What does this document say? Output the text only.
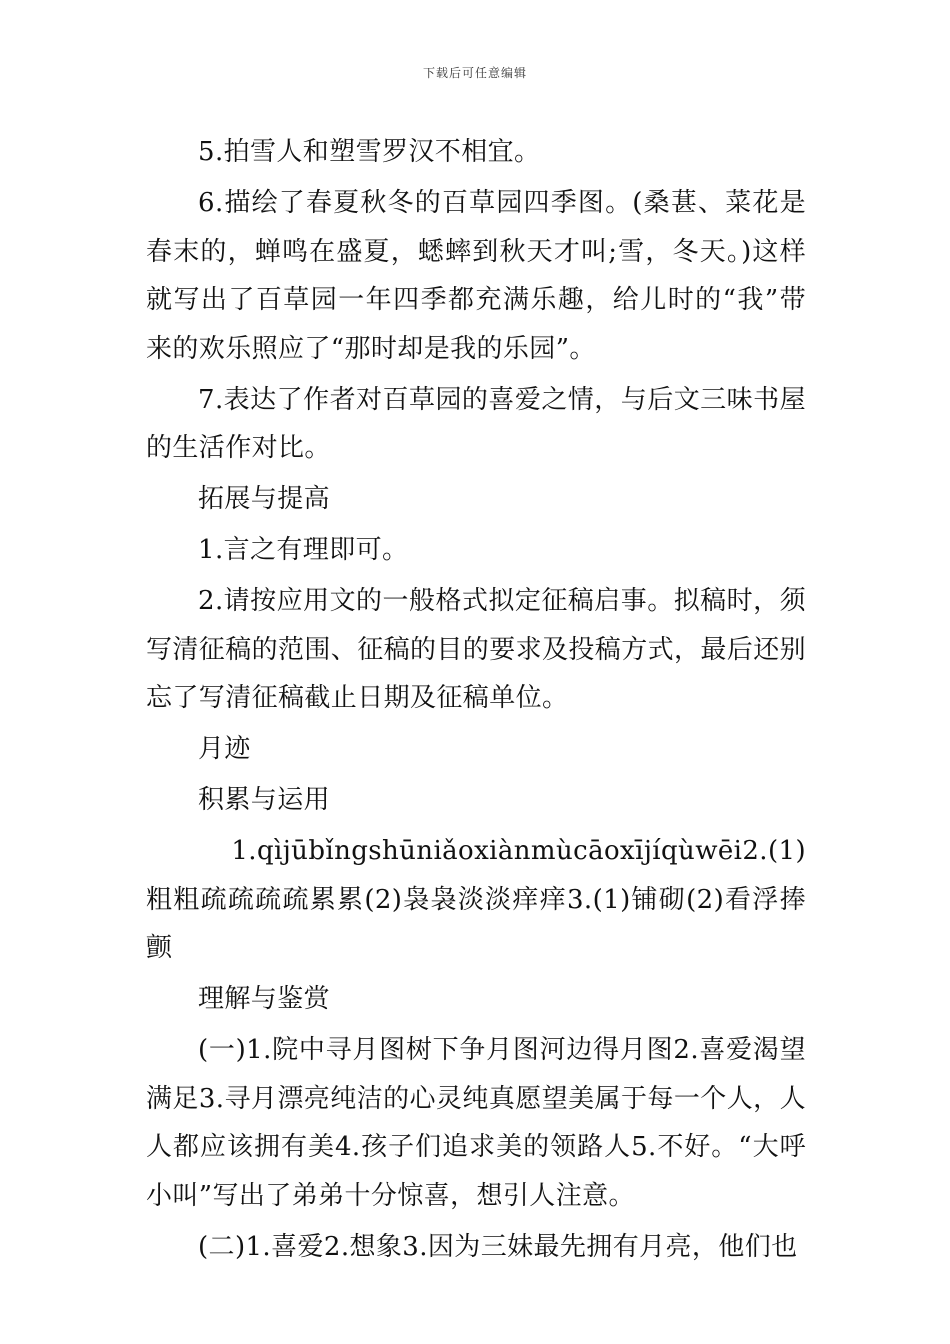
下载后可任意编辑

5.拍雪人和塑雪罗汉不相宜。

6.描绘了春夏秋冬的百草园四季图。(桑葚、菜花是春末的，蝉鸣在盛夏，蟋蟀到秋天才叫;雪，冬天。)这样就写出了百草园一年四季都充满乐趣，给儿时的“我”带来的欢乐照应了“那时却是我的乐园”。

7.表达了作者对百草园的喜爱之情，与后文三味书屋的生活作对比。

拓展与提高

1.言之有理即可。

2.请按应用文的一般格式拟定征稿启事。拟稿时，须写清征稿的范围、征稿的目的要求及投稿方式，最后还别忘了写清征稿截止日期及征稿单位。

月迹

积累与运用

1.qìjūbǐngshūniǎoxiànmùcāoxījíqùwēi2.(1)粗粗疏疏疏疏累累(2)袅袅淡淡痒痒3.(1)铺砌(2)看浮捧颤

理解与鉴赏

(一)1.院中寻月图树下争月图河边得月图2.喜爱渴望满足3.寻月漂亮纯洁的心灵纯真愿望美属于每一个人，人人都应该拥有美4.孩子们追求美的领路人5.不好。“大呼小叫”写出了弟弟十分惊喜，想引人注意。

(二)1.喜爱2.想象3.因为三妹最先拥有月亮，他们也
